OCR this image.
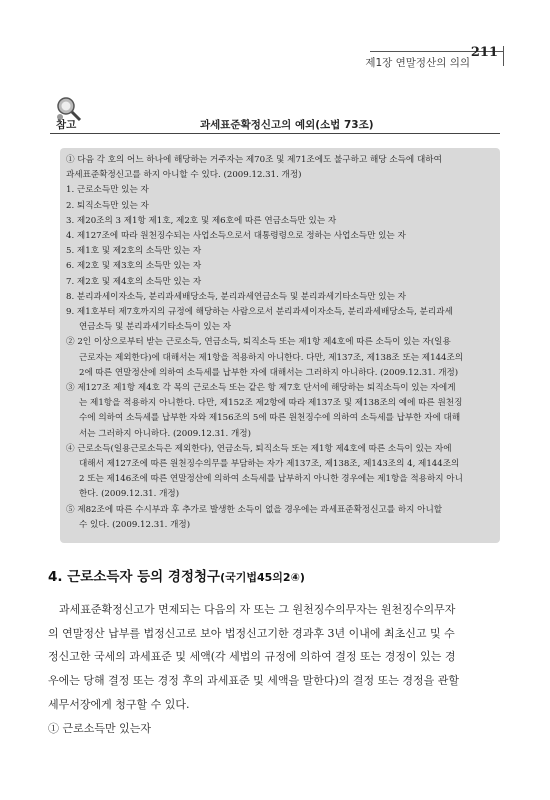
211
제1장 연말정산의 의의
참고	과세표준확정신고의 예외(소법 73조)

① 다음 각 호의 어느 하나에 해당하는 거주자는 제70조 및 제71조에도 불구하고 해당 소득에 대하여

과세표준확정신고를 하지 아니할 수 있다. (2009.12.31. 개정)

1. 근로소득만 있는 자

2. 퇴직소득만 있는 자

3. 제20조의 3 제1항 제1호, 제2호 및 제6호에 따른 연금소득만 있는 자

4. 제127조에 따라 원천징수되는 사업소득으로서 대통령령으로 정하는 사업소득만 있는 자

5. 제1호 및 제2호의 소득만 있는 자

6. 제2호 및 제3호의 소득만 있는 자

7. 제2호 및 제4호의 소득만 있는 자

8. 분리과세이자소득, 분리과세배당소득, 분리과세연금소득 및 분리과세기타소득만 있는 자

9. 제1호부터 제7호까지의 규정에 해당하는 사람으로서 분리과세이자소득, 분리과세배당소득, 분리과세

연금소득 및 분리과세기타소득이 있는 자

② 2인 이상으로부터 받는 근로소득, 연금소득, 퇴직소득 또는 제1항 제4호에 따른 소득이 있는 자(일용

근로자는 제외한다)에 대해서는 제1항을 적용하지 아니한다. 다만, 제137조, 제138조 또는 제144조의

2에 따른 연말정산에 의하여 소득세를 납부한 자에 대해서는 그러하지 아니하다. (2009.12.31. 개정)

③ 제127조 제1항 제4호 각 목의 근로소득 또는 같은 항 제7호 단서에 해당하는 퇴직소득이 있는 자에게

는 제1항을 적용하지 아니한다. 다만, 제152조 제2항에 따라 제137조 및 제138조의 예에 따른 원천징

수에 의하여 소득세를 납부한 자와 제156조의 5에 따른 원천징수에 의하여 소득세를 납부한 자에 대해

서는 그러하지 아니하다. (2009.12.31. 개정)

④ 근로소득(일용근로소득은 제외한다), 연금소득, 퇴직소득 또는 제1항 제4호에 따른 소득이 있는 자에

대해서 제127조에 따른 원천징수의무를 부담하는 자가 제137조, 제138조, 제143조의 4, 제144조의

2 또는 제146조에 따른 연말정산에 의하여 소득세를 납부하지 아니한 경우에는 제1항을 적용하지 아니

한다. (2009.12.31. 개정)

⑤ 제82조에 따른 수시부과 후 추가로 발생한 소득이 없을 경우에는 과세표준확정신고를 하지 아니할

수 있다. (2009.12.31. 개정)

4. 근로소득자 등의 경정청구(국기법45의2④)

과세표준확정신고가 면제되는 다음의 자 또는 그 원천징수의무자는 원천징수의무자

의 연말정산 납부를 법정신고로 보아 법정신고기한 경과후 3년 이내에 최초신고 및 수

정신고한 국세의 과세표준 및 세액(각 세법의 규정에 의하여 결정 또는 경정이 있는 경

우에는 당해 결정 또는 경정 후의 과세표준 및 세액을 말한다)의 결정 또는 경정을 관할

세무서장에게 청구할 수 있다.

① 근로소득만 있는자
